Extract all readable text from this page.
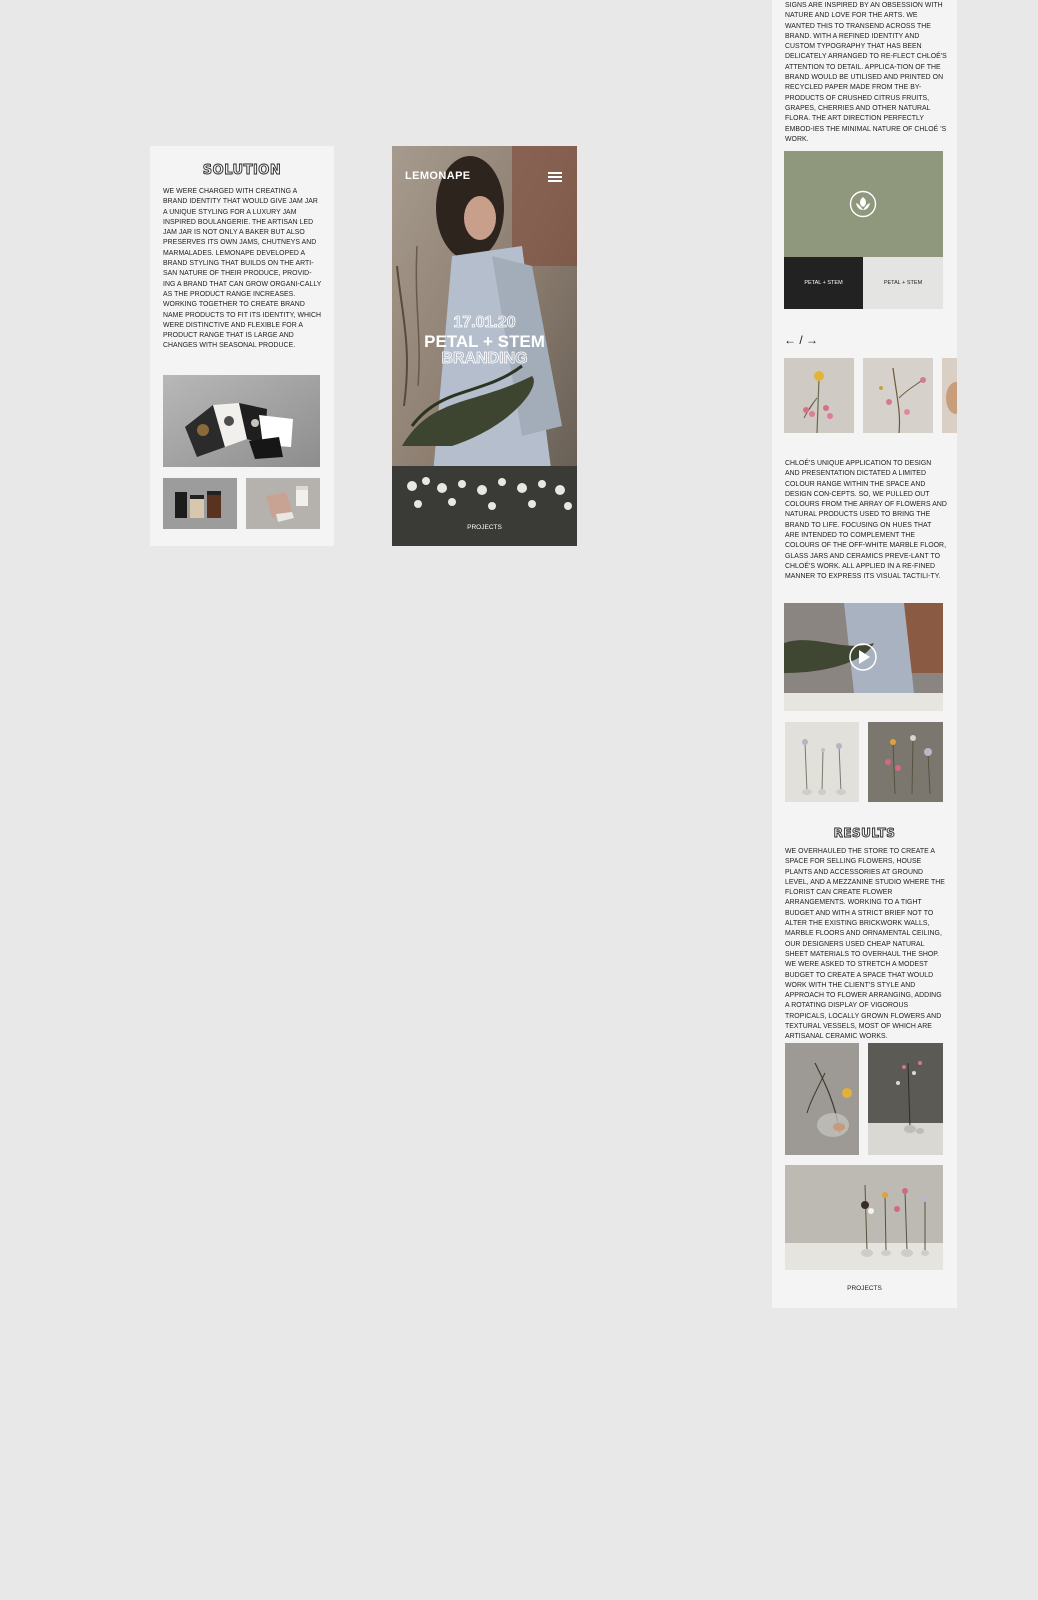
SOLUTION

WE WERE CHARGED WITH CREATING A BRAND IDENTITY THAT WOULD GIVE JAM JAR A UNIQUE STYLING FOR A LUXURY JAM INSPIRED BOULANGERIE. THE ARTISAN LED JAM JAR IS NOT ONLY A BAKER BUT ALSO PRESERVES ITS OWN JAMS, CHUTNEYS AND MARMALADES. LEMONAPE DEVELOPED A BRAND STYLING THAT BUILDS ON THE ARTI-SAN NATURE OF THEIR PRODUCE, PROVID-ING A BRAND THAT CAN GROW ORGANI-CALLY AS THE PRODUCT RANGE INCREASES. WORKING TOGETHER TO CREATE BRAND NAME PRODUCTS TO FIT ITS IDENTITY, WHICH WERE DISTINCTIVE AND FLEXIBLE FOR A PRODUCT RANGE THAT IS LARGE AND CHANGES WITH SEASONAL PRODUCE.

LEMONAPE
17.01.20
PETAL + STEM
BRANDING
PROJECTS

SIGNS ARE INSPIRED BY AN OBSESSION WITH NATURE AND LOVE FOR THE ARTS. WE WANTED THIS TO TRANSEND ACROSS THE BRAND. WITH A REFINED IDENTITY AND CUSTOM TYPOGRAPHY THAT HAS BEEN DELICATELY ARRANGED TO RE-FLECT CHLOÉ'S ATTENTION TO DETAIL. APPLICA-TION OF THE BRAND WOULD BE UTILISED AND PRINTED ON RECYCLED PAPER MADE FROM THE BY-PRODUCTS OF CRUSHED CITRUS FRUITS, GRAPES, CHERRIES AND OTHER NATURAL FLORA. THE ART DIRECTION PERFECTLY EMBOD-IES THE MINIMAL NATURE OF CHLOÉ 'S WORK.

PETAL + STEM	PETAL + STEM
← / →

CHLOÉ'S UNIQUE APPLICATION TO DESIGN AND PRESENTATION DICTATED A LIMITED COLOUR RANGE WITHIN THE SPACE AND DESIGN CON-CEPTS. SO, WE PULLED OUT COLOURS FROM THE ARRAY OF FLOWERS AND NATURAL PRODUCTS USED TO BRING THE BRAND TO LIFE. FOCUSING ON HUES THAT ARE INTENDED TO COMPLEMENT THE COLOURS OF THE OFF-WHITE MARBLE FLOOR, GLASS JARS AND CERAMICS PREVE-LANT TO CHLOÉ'S WORK. ALL APPLIED IN A RE-FINED MANNER TO EXPRESS ITS VISUAL TACTILI-TY.

RESULTS

WE OVERHAULED THE STORE TO CREATE A SPACE FOR SELLING FLOWERS, HOUSE PLANTS AND ACCESSORIES AT GROUND LEVEL, AND A MEZZANINE STUDIO WHERE THE FLORIST CAN CREATE FLOWER ARRANGEMENTS. WORKING TO A TIGHT BUDGET AND WITH A STRICT BRIEF NOT TO ALTER THE EXISTING BRICKWORK WALLS, MARBLE FLOORS AND ORNAMENTAL CEILING, OUR DESIGNERS USED CHEAP NATURAL SHEET MATERIALS TO OVERHAUL THE SHOP. WE WERE ASKED TO STRETCH A MODEST BUDGET TO CREATE A SPACE THAT WOULD WORK WITH THE CLIENT'S STYLE AND APPROACH TO FLOWER ARRANGING, ADDING A ROTATING DISPLAY OF VIGOROUS TROPICALS, LOCALLY GROWN FLOWERS AND TEXTURAL VESSELS, MOST OF WHICH ARE ARTISANAL CERAMIC WORKS.

PROJECTS
